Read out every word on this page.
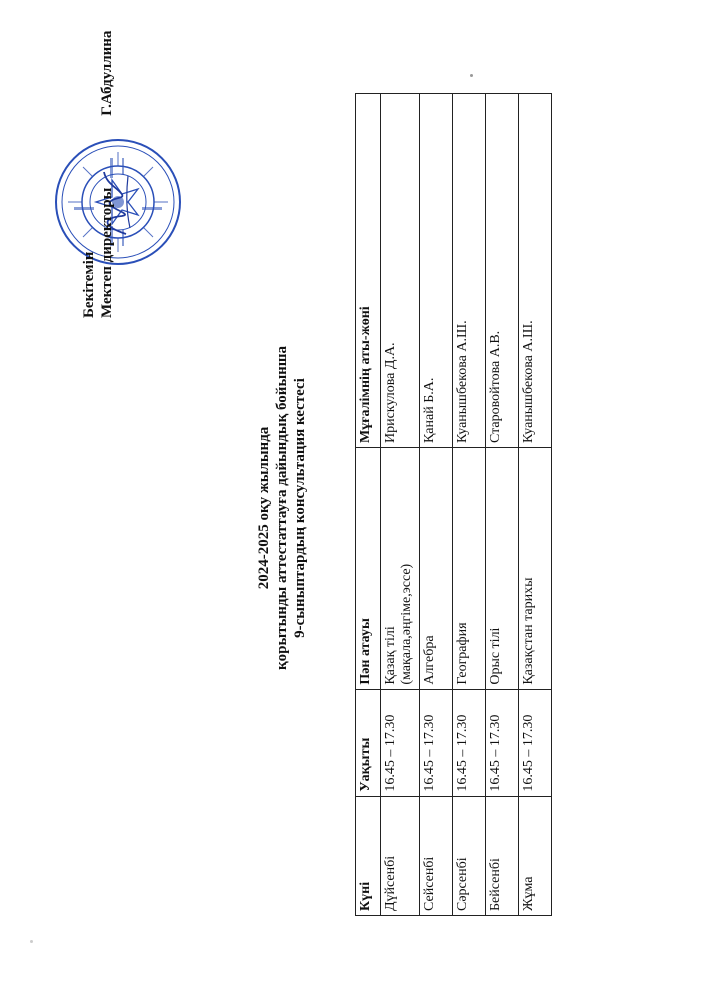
Бекітемін Мектеп директорыГ.Абдуллина
2024-2025 оқу жылында қорытынды аттестаттауға дайындық бойынша 9-сыныптардың консультация кестесі
Күні	Уақыты	Пән атауы	Мұғалімнің аты-жөні
Дүйсенбі	16.45 – 17.30	Қазақ тілі (мақала,әңгіме,эссе)	Ирискулова Д.А.
Сейсенбі	16.45 – 17.30	Алгебра	Қанай Б.А.
Сәрсенбі	16.45 – 17.30	География	Куанышбекова А.Ш.
Бейсенбі	16.45 – 17.30	Орыс тілі	Старовойтова А.В.
Жұма	16.45 – 17.30	Қазақстан тарихы	Куанышбекова А.Ш.
